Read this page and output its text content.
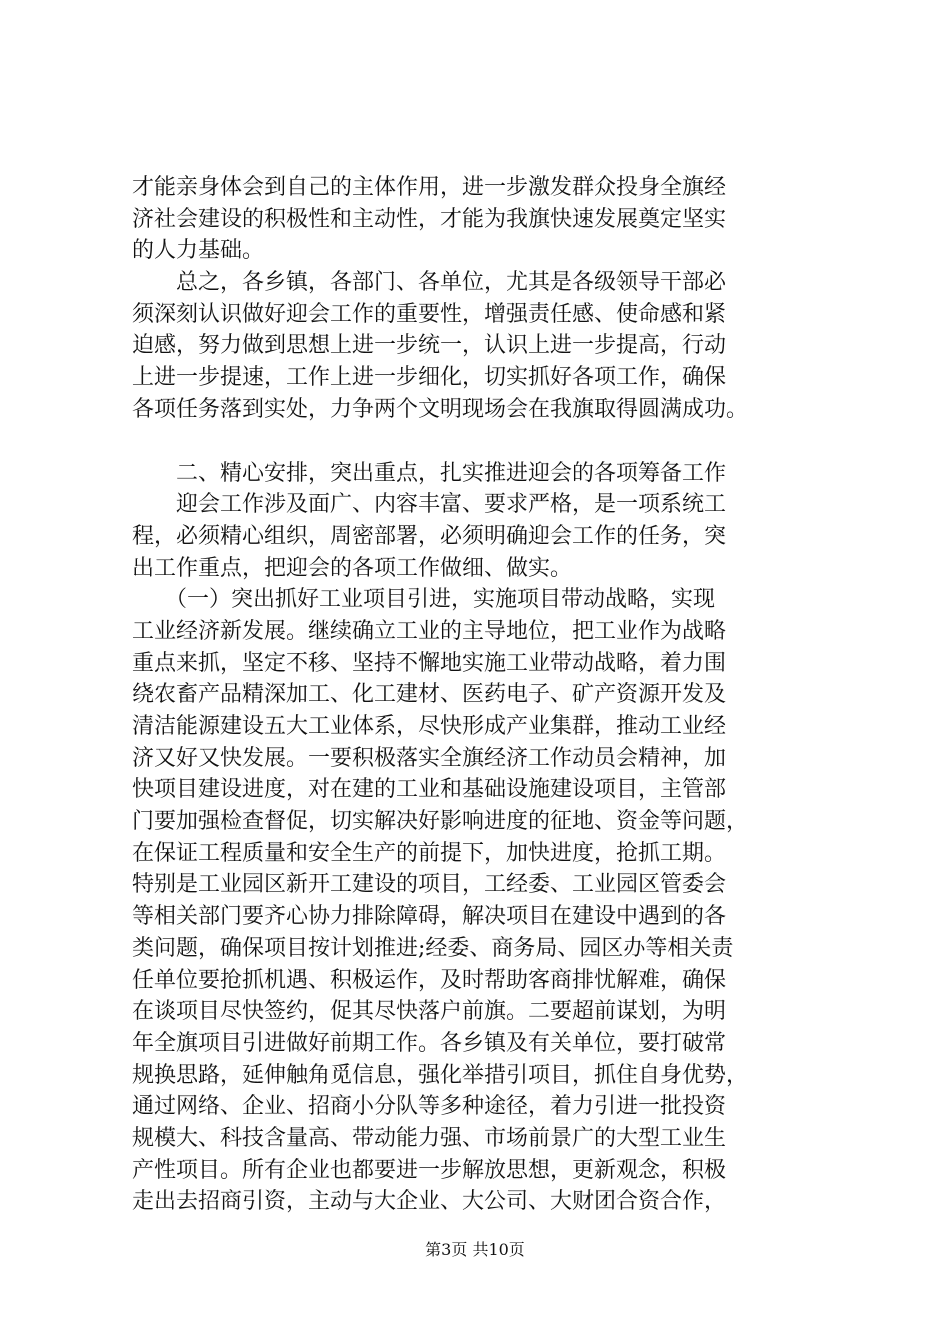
才能亲身体会到自己的主体作用，进一步激发群众投身全旗经
济社会建设的积极性和主动性，才能为我旗快速发展奠定坚实
的人力基础。
　　总之，各乡镇，各部门、各单位，尤其是各级领导干部必
须深刻认识做好迎会工作的重要性，增强责任感、使命感和紧
迫感，努力做到思想上进一步统一，认识上进一步提高，行动
上进一步提速，工作上进一步细化，切实抓好各项工作，确保
各项任务落到实处，力争两个文明现场会在我旗取得圆满成功。
　　二、精心安排，突出重点，扎实推进迎会的各项筹备工作
　　迎会工作涉及面广、内容丰富、要求严格，是一项系统工
程，必须精心组织，周密部署，必须明确迎会工作的任务，突
出工作重点，把迎会的各项工作做细、做实。
　　（一）突出抓好工业项目引进，实施项目带动战略，实现
工业经济新发展。继续确立工业的主导地位，把工业作为战略
重点来抓，坚定不移、坚持不懈地实施工业带动战略，着力围
绕农畜产品精深加工、化工建材、医药电子、矿产资源开发及
清洁能源建设五大工业体系，尽快形成产业集群，推动工业经
济又好又快发展。一要积极落实全旗经济工作动员会精神，加
快项目建设进度，对在建的工业和基础设施建设项目，主管部
门要加强检查督促，切实解决好影响进度的征地、资金等问题，
在保证工程质量和安全生产的前提下，加快进度，抢抓工期。
特别是工业园区新开工建设的项目，工经委、工业园区管委会
等相关部门要齐心协力排除障碍，解决项目在建设中遇到的各
类问题，确保项目按计划推进;经委、商务局、园区办等相关责
任单位要抢抓机遇、积极运作，及时帮助客商排忧解难，确保
在谈项目尽快签约，促其尽快落户前旗。二要超前谋划，为明
年全旗项目引进做好前期工作。各乡镇及有关单位，要打破常
规换思路，延伸触角觅信息，强化举措引项目，抓住自身优势，
通过网络、企业、招商小分队等多种途径，着力引进一批投资
规模大、科技含量高、带动能力强、市场前景广的大型工业生
产性项目。所有企业也都要进一步解放思想，更新观念，积极
走出去招商引资，主动与大企业、大公司、大财团合资合作，
第3页 共10页
